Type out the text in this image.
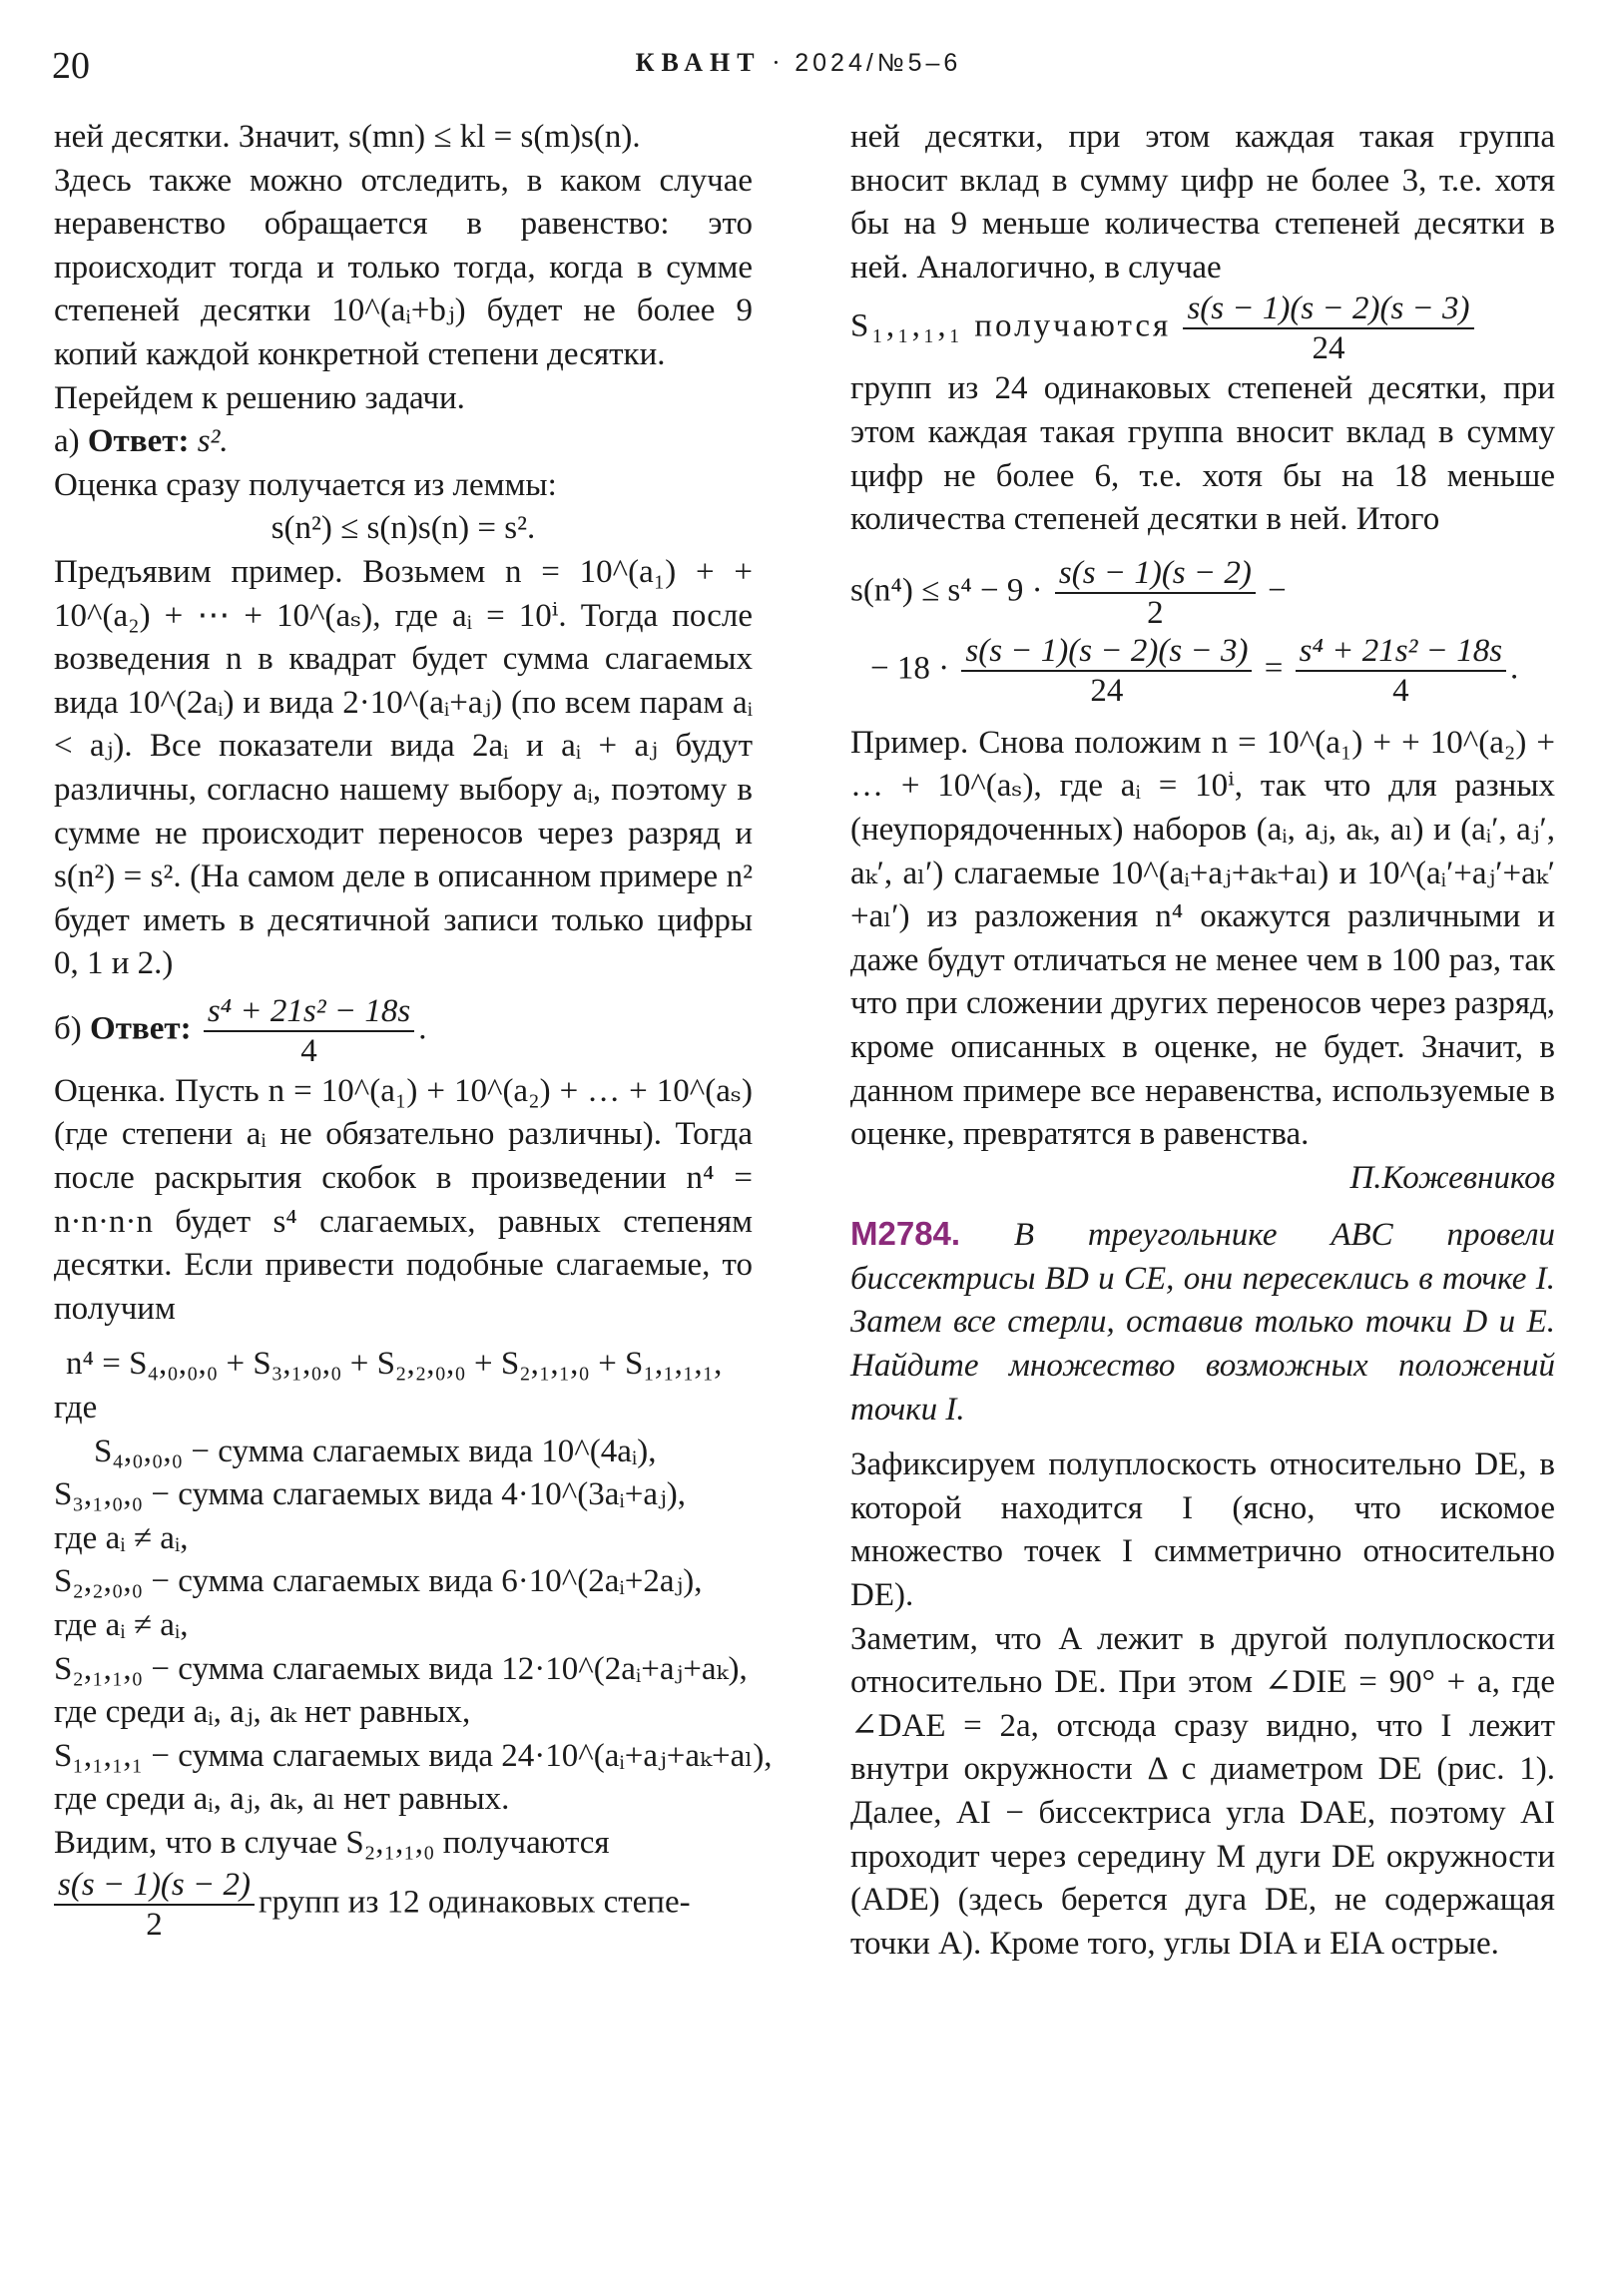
20	КВАНТ · 2024/№5–6

ней десятки. Значит, s(mn) ≤ kl = s(m)s(n).

Здесь также можно отследить, в каком случае неравенство обращается в равенство: это происходит тогда и только тогда, когда в сумме степеней десятки 10^(aᵢ+bⱼ) будет не более 9 копий каждой конкретной степени десятки.

Перейдем к решению задачи.

а) Ответ: s².

Оценка сразу получается из леммы:

s(n²) ≤ s(n)s(n) = s².

Предъявим пример. Возьмем n = 10^(a₁) + + 10^(a₂) + ⋯ + 10^(aₛ), где aᵢ = 10ⁱ. Тогда после возведения n в квадрат будет сумма слагаемых вида 10^(2aᵢ) и вида 2·10^(aᵢ+aⱼ) (по всем парам aᵢ < aⱼ). Все показатели вида 2aᵢ и aᵢ + aⱼ будут различны, согласно нашему выбору aᵢ, поэтому в сумме не происходит переносов через разряд и s(n²) = s². (На самом деле в описанном примере n² будет иметь в десятичной записи только цифры 0, 1 и 2.)

б) Ответ: $\frac{\text{s⁴ + 21s² − 18s}}{4}$ .

Оценка. Пусть n = 10^(a₁) + 10^(a₂) + … + 10^(aₛ) (где степени aᵢ не обязательно различны). Тогда после раскрытия скобок в произведении n⁴ = n·n·n·n будет s⁴ слагаемых, равных степеням десятки. Если привести подобные слагаемые, то получим

n⁴ = S₄,₀,₀,₀ + S₃,₁,₀,₀ + S₂,₂,₀,₀ + S₂,₁,₁,₀ + S₁,₁,₁,₁,

где

S₄,₀,₀,₀ − сумма слагаемых вида 10^(4aᵢ),

S₃,₁,₀,₀ − сумма слагаемых вида 4·10^(3aᵢ+aⱼ),

где aᵢ ≠ aᵢ,

S₂,₂,₀,₀ − сумма слагаемых вида 6·10^(2aᵢ+2aⱼ),

где aᵢ ≠ aᵢ,

S₂,₁,₁,₀ − сумма слагаемых вида 12·10^(2aᵢ+aⱼ+aₖ),

где среди aᵢ, aⱼ, aₖ нет равных,

S₁,₁,₁,₁ − сумма слагаемых вида 24·10^(aᵢ+aⱼ+aₖ+aₗ),

где среди aᵢ, aⱼ, aₖ, aₗ нет равных.

Видим, что в случае S₂,₁,₁,₀ получаются

$\frac{s(s - 1)(s - 2)}{2}$ групп из 12 одинаковых степе-

ней десятки, при этом каждая такая группа вносит вклад в сумму цифр не более 3, т.е. хотя бы на 9 меньше количества степеней десятки в ней. Аналогично, в случае

S₁,₁,₁,₁ получаются $\frac{s(s - 1)(s - 2)(s - 3)}{24}$

групп из 24 одинаковых степеней десятки, при этом каждая такая группа вносит вклад в сумму цифр не более 6, т.е. хотя бы на 18 меньше количества степеней десятки в ней. Итого

$s(n^4) \le s^4 - 9 \cdot \frac{s(s - 1)(s - 2)}{2}$ −

− $18 \cdot \frac{s(s - 1)(s - 2)(s - 3)}{24} = \frac{\text{s⁴ + 21s² − 18s}}{4}$ .

Пример. Снова положим n = 10^(a₁) + + 10^(a₂) + … + 10^(aₛ), где aᵢ = 10ⁱ, так что для разных (неупорядоченных) наборов (aᵢ, aⱼ, aₖ, aₗ) и (aᵢ′, aⱼ′, aₖ′, aₗ′) слагаемые 10^(aᵢ+aⱼ+aₖ+aₗ) и 10^(aᵢ′+aⱼ′+aₖ′+aₗ′) из разложения n⁴ окажутся различными и даже будут отличаться не менее чем в 100 раз, так что при сложении других переносов через разряд, кроме описанных в оценке, не будет. Значит, в данном примере все неравенства, используемые в оценке, превратятся в равенства.

П.Кожевников

М2784. В треугольнике ABC провели биссектрисы BD и CE, они пересеклись в точке I. Затем все стерли, оставив только точки D и E. Найдите множество возможных положений точки I.

Зафиксируем полуплоскость относительно DE, в которой находится I (ясно, что искомое множество точек I симметрично относительно DE).

Заметим, что A лежит в другой полуплоскости относительно DE. При этом ∠DIE = 90° + a, где ∠DAE = 2a, отсюда сразу видно, что I лежит внутри окружности Δ с диаметром DE (рис. 1). Далее, AI − биссектриса угла DAE, поэтому AI проходит через середину M дуги DE окружности (ADE) (здесь берется дуга DE, не содержащая точки A). Кроме того, углы DIA и EIA острые.
